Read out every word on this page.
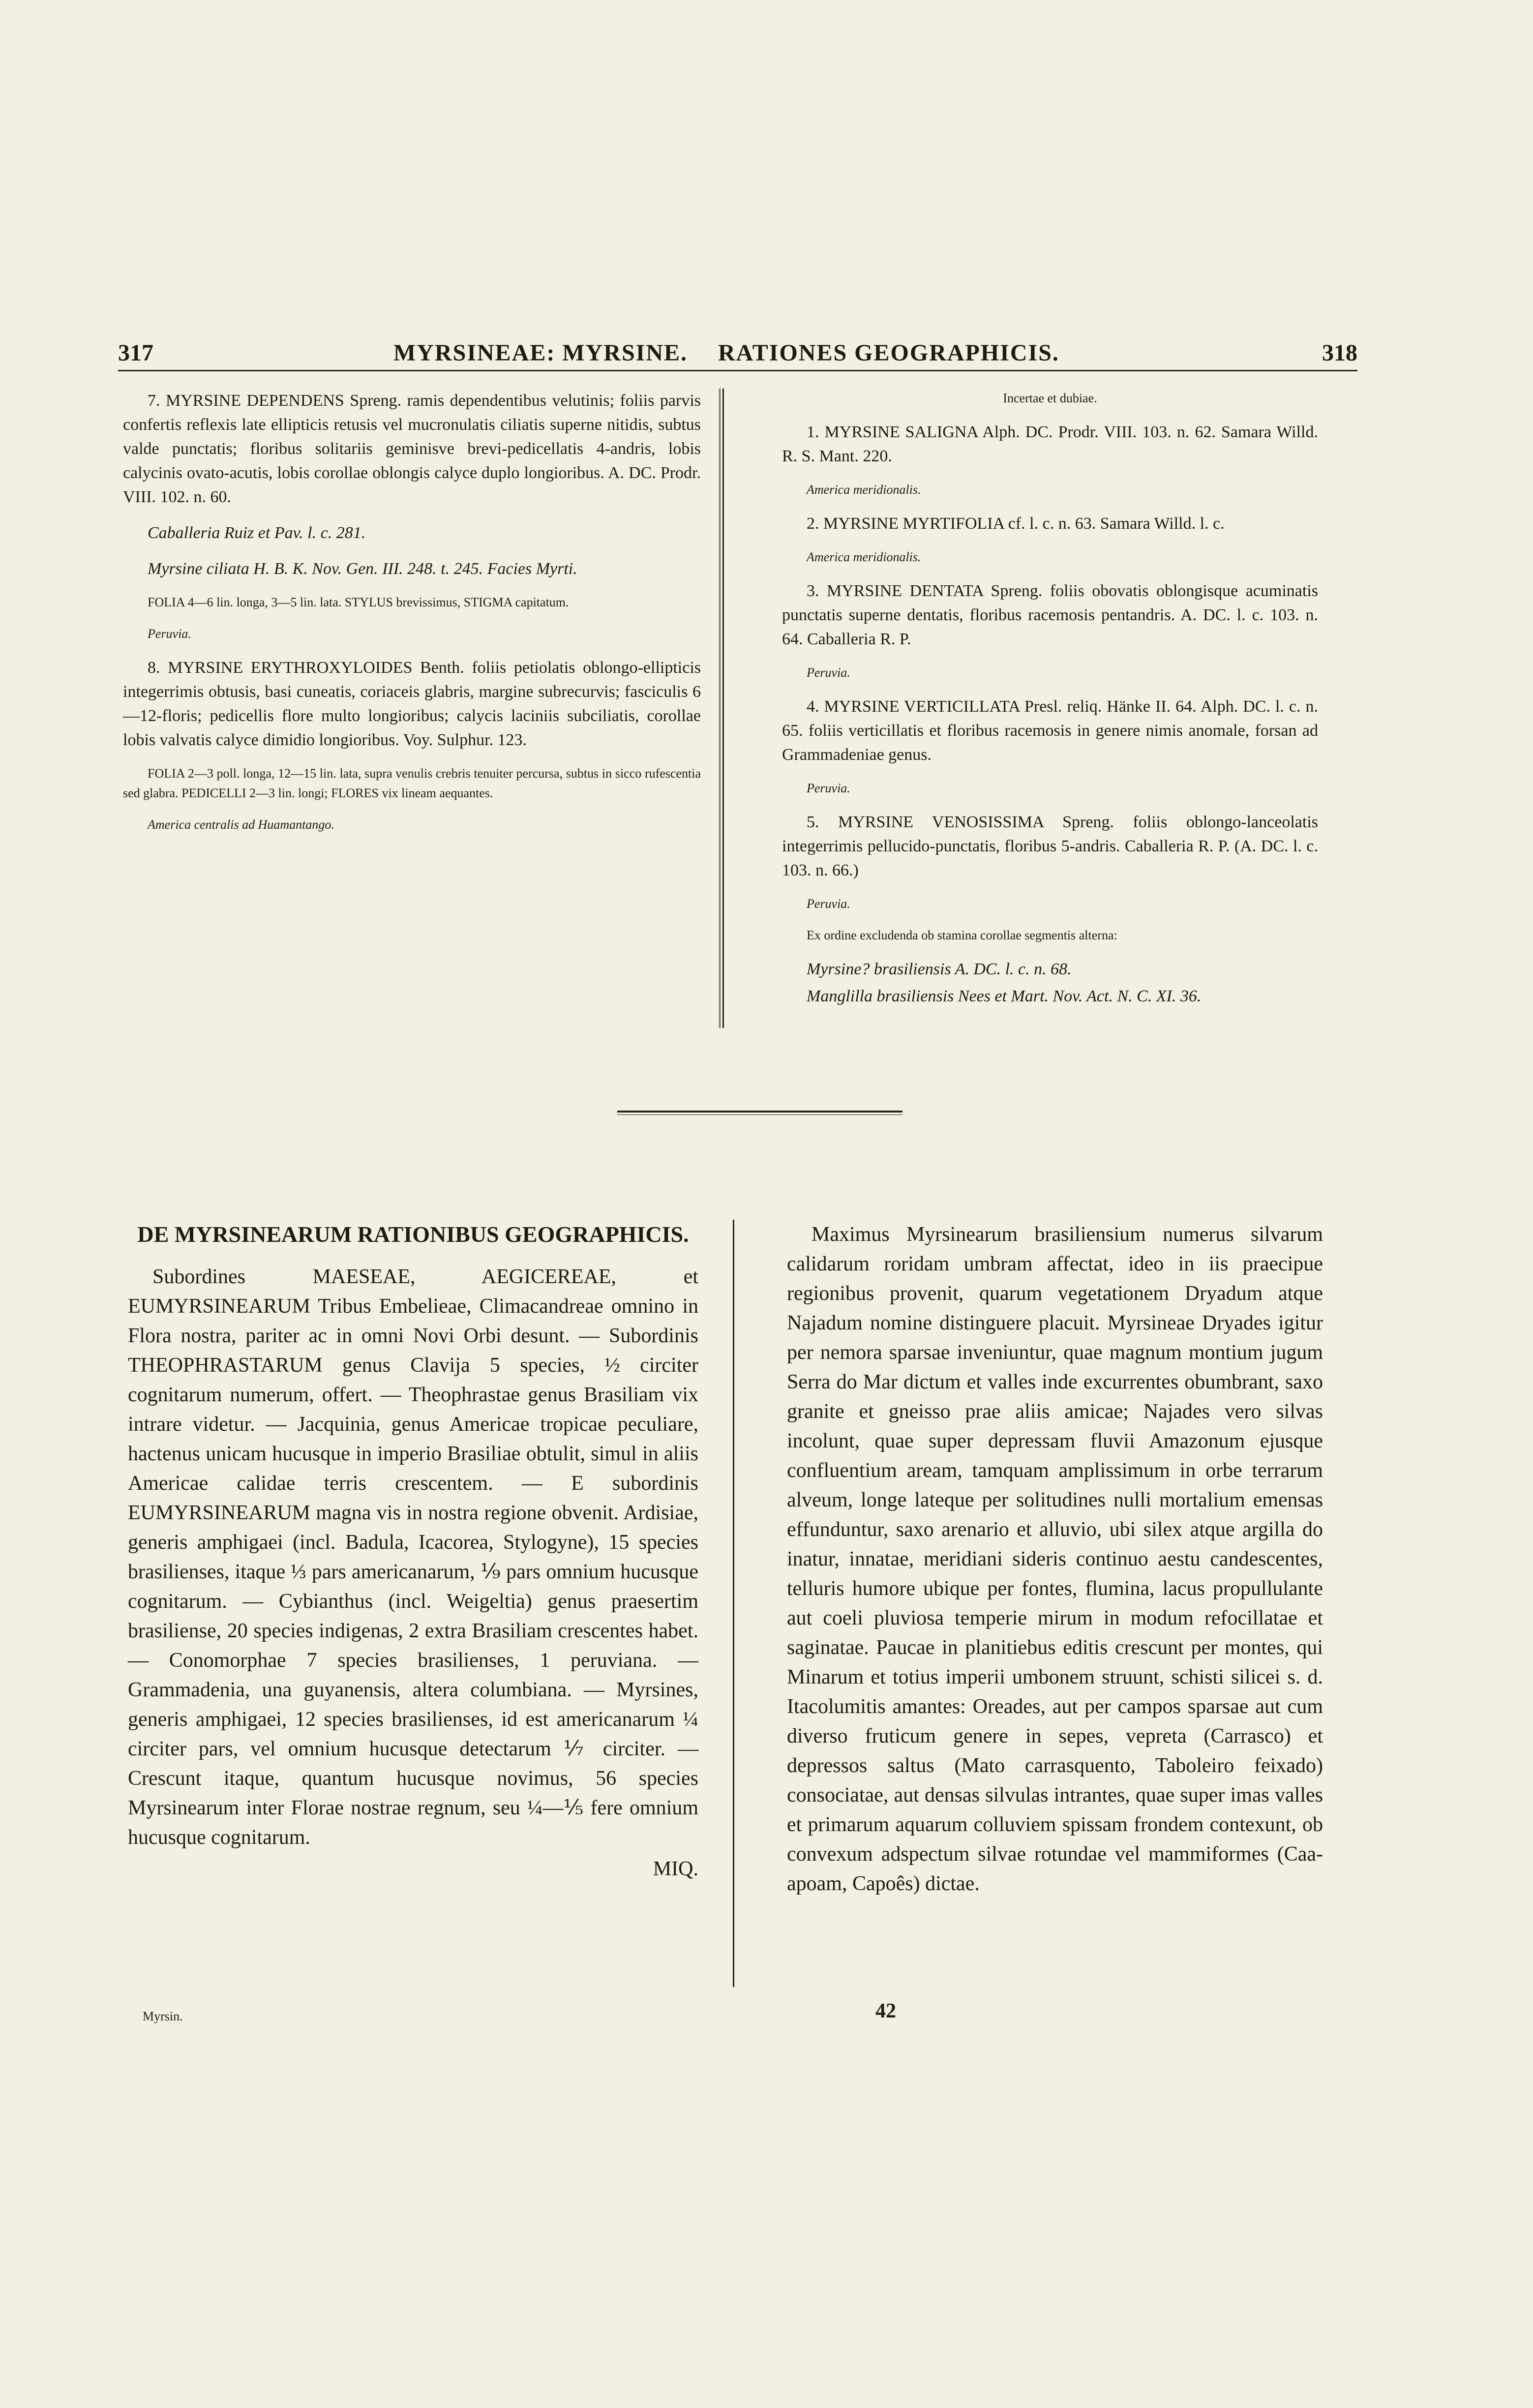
317	MYRSINEAE: MYRSINE. RATIONES GEOGRAPHICIS.	318

7. MYRSINE DEPENDENS Spreng. ramis dependentibus velutinis; foliis parvis confertis reflexis late ellipticis retusis vel mucronulatis ciliatis superne nitidis, subtus valde punctatis; floribus solitariis geminisve brevi-pedicellatis 4-andris, lobis calycinis ovato-acutis, lobis corollae oblongis calyce duplo longioribus. A. DC. Prodr. VIII. 102. n. 60.

Caballeria Ruiz et Pav. l. c. 281.

Myrsine ciliata H. B. K. Nov. Gen. III. 248. t. 245. Facies Myrti.

FOLIA 4—6 lin. longa, 3—5 lin. lata. STYLUS brevissimus, STIGMA capitatum.

Peruvia.

8. MYRSINE ERYTHROXYLOIDES Benth. foliis petiolatis oblongo-ellipticis integerrimis obtusis, basi cuneatis, coriaceis glabris, margine subrecurvis; fasciculis 6—12-floris; pedicellis flore multo longioribus; calycis laciniis subciliatis, corollae lobis valvatis calyce dimidio longioribus. Voy. Sulphur. 123.

FOLIA 2—3 poll. longa, 12—15 lin. lata, supra venulis crebris tenuiter percursa, subtus in sicco rufescentia sed glabra. PEDICELLI 2—3 lin. longi; FLORES vix lineam aequantes.

America centralis ad Huamantango.

Incertae et dubiae.

1. MYRSINE SALIGNA Alph. DC. Prodr. VIII. 103. n. 62. Samara Willd. R. S. Mant. 220.

America meridionalis.

2. MYRSINE MYRTIFOLIA cf. l. c. n. 63. Samara Willd. l. c.

America meridionalis.

3. MYRSINE DENTATA Spreng. foliis obovatis oblongisque acuminatis punctatis superne dentatis, floribus racemosis pentandris. A. DC. l. c. 103. n. 64. Caballeria R. P.

Peruvia.

4. MYRSINE VERTICILLATA Presl. reliq. Hänke II. 64. Alph. DC. l. c. n. 65. foliis verticillatis et floribus racemosis in genere nimis anomale, forsan ad Grammadeniae genus.

Peruvia.

5. MYRSINE VENOSISSIMA Spreng. foliis oblongo-lanceolatis integerrimis pellucido-punctatis, floribus 5-andris. Caballeria R. P. (A. DC. l. c. 103. n. 66.)

Peruvia.

Ex ordine excludenda ob stamina corollae segmentis alterna:

Myrsine? brasiliensis A. DC. l. c. n. 68.

Manglilla brasiliensis Nees et Mart. Nov. Act. N. C. XI. 36.

DE MYRSINEARUM RATIONIBUS GEOGRAPHICIS.

Subordines MAESEAE, AEGICEREAE, et EUMYRSINEARUM Tribus Embelieae, Climacandreae omnino in Flora nostra, pariter ac in omni Novi Orbi desunt. — Subordinis THEOPHRASTARUM genus Clavija 5 species, ½ circiter cognitarum numerum, offert. — Theophrastae genus Brasiliam vix intrare videtur. — Jacquinia, genus Americae tropicae peculiare, hactenus unicam hucusque in imperio Brasiliae obtulit, simul in aliis Americae calidae terris crescentem. — E subordinis EUMYRSINEARUM magna vis in nostra regione obvenit. Ardisiae, generis amphigaei (incl. Badula, Icacorea, Stylogyne), 15 species brasilienses, itaque ⅓ pars americanarum, ⅑ pars omnium hucusque cognitarum. — Cybianthus (incl. Weigeltia) genus praesertim brasiliense, 20 species indigenas, 2 extra Brasiliam crescentes habet. — Conomorphae 7 species brasilienses, 1 peruviana. — Grammadenia, una guyanensis, altera columbiana. — Myrsines, generis amphigaei, 12 species brasilienses, id est americanarum ¼ circiter pars, vel omnium hucusque detectarum ⅐ circiter. — Crescunt itaque, quantum hucusque novimus, 56 species Myrsinearum inter Florae nostrae regnum, seu ¼—⅕ fere omnium hucusque cognitarum.

MIQ.
Myrsin.

Maximus Myrsinearum brasiliensium numerus silvarum calidarum roridam umbram affectat, ideo in iis praecipue regionibus provenit, quarum vegetationem Dryadum atque Najadum nomine distinguere placuit. Myrsineae Dryades igitur per nemora sparsae inveniuntur, quae magnum montium jugum Serra do Mar dictum et valles inde excurrentes obumbrant, saxo granite et gneisso prae aliis amicae; Najades vero silvas incolunt, quae super depressam fluvii Amazonum ejusque confluentium aream, tamquam amplissimum in orbe terrarum alveum, longe lateque per solitudines nulli mortalium emensas effunduntur, saxo arenario et alluvio, ubi silex atque argilla do inatur, innatae, meridiani sideris continuo aestu candescentes, telluris humore ubique per fontes, flumina, lacus propullulante aut coeli pluviosa temperie mirum in modum refocillatae et saginatae. Paucae in planitiebus editis crescunt per montes, qui Minarum et totius imperii umbonem struunt, schisti silicei s. d. Itacolumitis amantes: Oreades, aut per campos sparsae aut cum diverso fruticum genere in sepes, vepreta (Carrasco) et depressos saltus (Mato carrasquento, Taboleiro feixado) consociatae, aut densas silvulas intrantes, quae super imas valles et primarum aquarum colluviem spissam frondem contexunt, ob convexum adspectum silvae rotundae vel mammiformes (Caa-apoam, Capoês) dictae.

42
